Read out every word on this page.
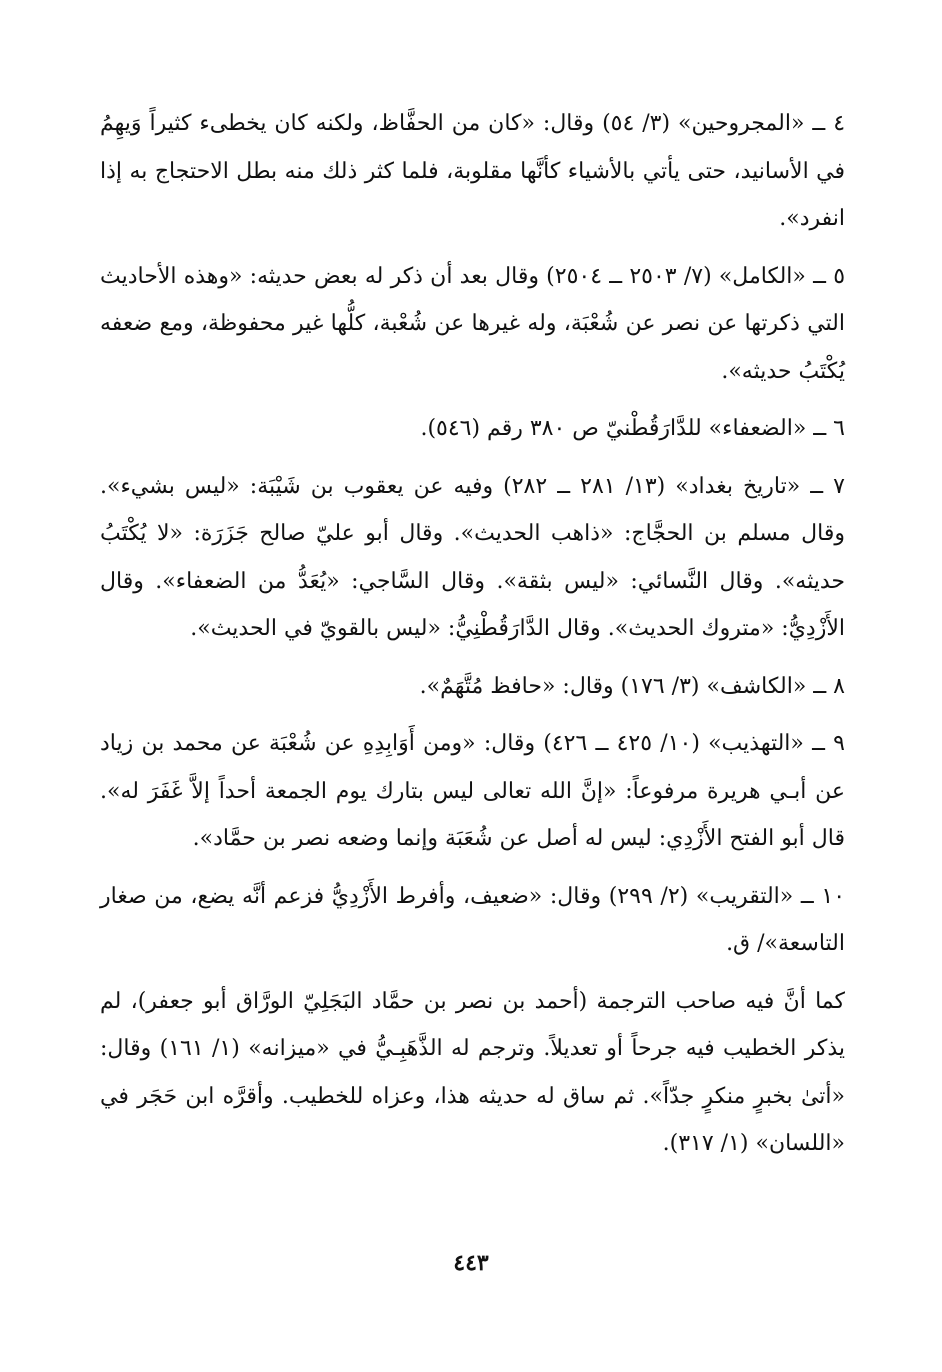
٤ ــ «المجروحين» (٣/ ٥٤) وقال: «كان من الحفَّاظ، ولكنه كان يخطىء كثيراً وَيهِمُ في الأسانيد، حتى يأتي بالأشياء كأنَّها مقلوبة، فلما كثر ذلك منه بطل الاحتجاج به إذا انفرد».

٥ ــ «الكامل» (٧/ ٢٥٠٣ ــ ٢٥٠٤) وقال بعد أن ذكر له بعض حديثه: «وهذه الأحاديث التي ذكرتها عن نصر عن شُعْبَة، وله غيرها عن شُعْبة، كلُّها غير محفوظة، ومع ضعفه يُكْتَبُ حديثه».

٦ ــ «الضعفاء» للدَّارَقُطْنيّ ص ٣٨٠ رقم (٥٤٦).

٧ ــ «تاريخ بغداد» (١٣/ ٢٨١ ــ ٢٨٢) وفيه عن يعقوب بن شَيْبَة: «ليس بشيء». وقال مسلم بن الحجَّاج: «ذاهب الحديث». وقال أبو عليّ صالح جَزَرَة: «لا يُكْتَبُ حديثه». وقال النَّسائي: «ليس بثقة». وقال السَّاجي: «يُعَدُّ من الضعفاء». وقال الأَزْدِيُّ: «متروك الحديث». وقال الدَّارَقُطْنِيُّ: «ليس بالقويّ في الحديث».

٨ ــ «الكاشف» (٣/ ١٧٦) وقال: «حافظ مُتَّهَمٌ».

٩ ــ «التهذيب» (١٠/ ٤٢٥ ــ ٤٢٦) وقال: «ومن أَوَابِدِهِ عن شُعْبَة عن محمد بن زياد عن أبـي هريرة مرفوعاً: «إنَّ الله تعالى ليس بتارك يوم الجمعة أحداً إلاَّ غَفَرَ له». قال أبو الفتح الأَزْدِي: ليس له أصل عن شُعَبَة وإنما وضعه نصر بن حمَّاد».

١٠ ــ «التقريب» (٢/ ٢٩٩) وقال: «ضعيف، وأفرط الأَزْدِيُّ فزعم أنَّه يضع، من صغار التاسعة»/ ق.

كما أنَّ فيه صاحب الترجمة (أحمد بن نصر بن حمَّاد البَجَلِيّ الورَّاق أبو جعفر)، لم يذكر الخطيب فيه جرحاً أو تعديلاً. وترجم له الذَّهَبِـيُّ في «ميزانه» (١/ ١٦١) وقال: «أتىٰ بخبرٍ منكرٍ جدّاً». ثم ساق له حديثه هذا، وعزاه للخطيب. وأقرَّه ابن حَجَر في «اللسان» (١/ ٣١٧).

٤٤٣
